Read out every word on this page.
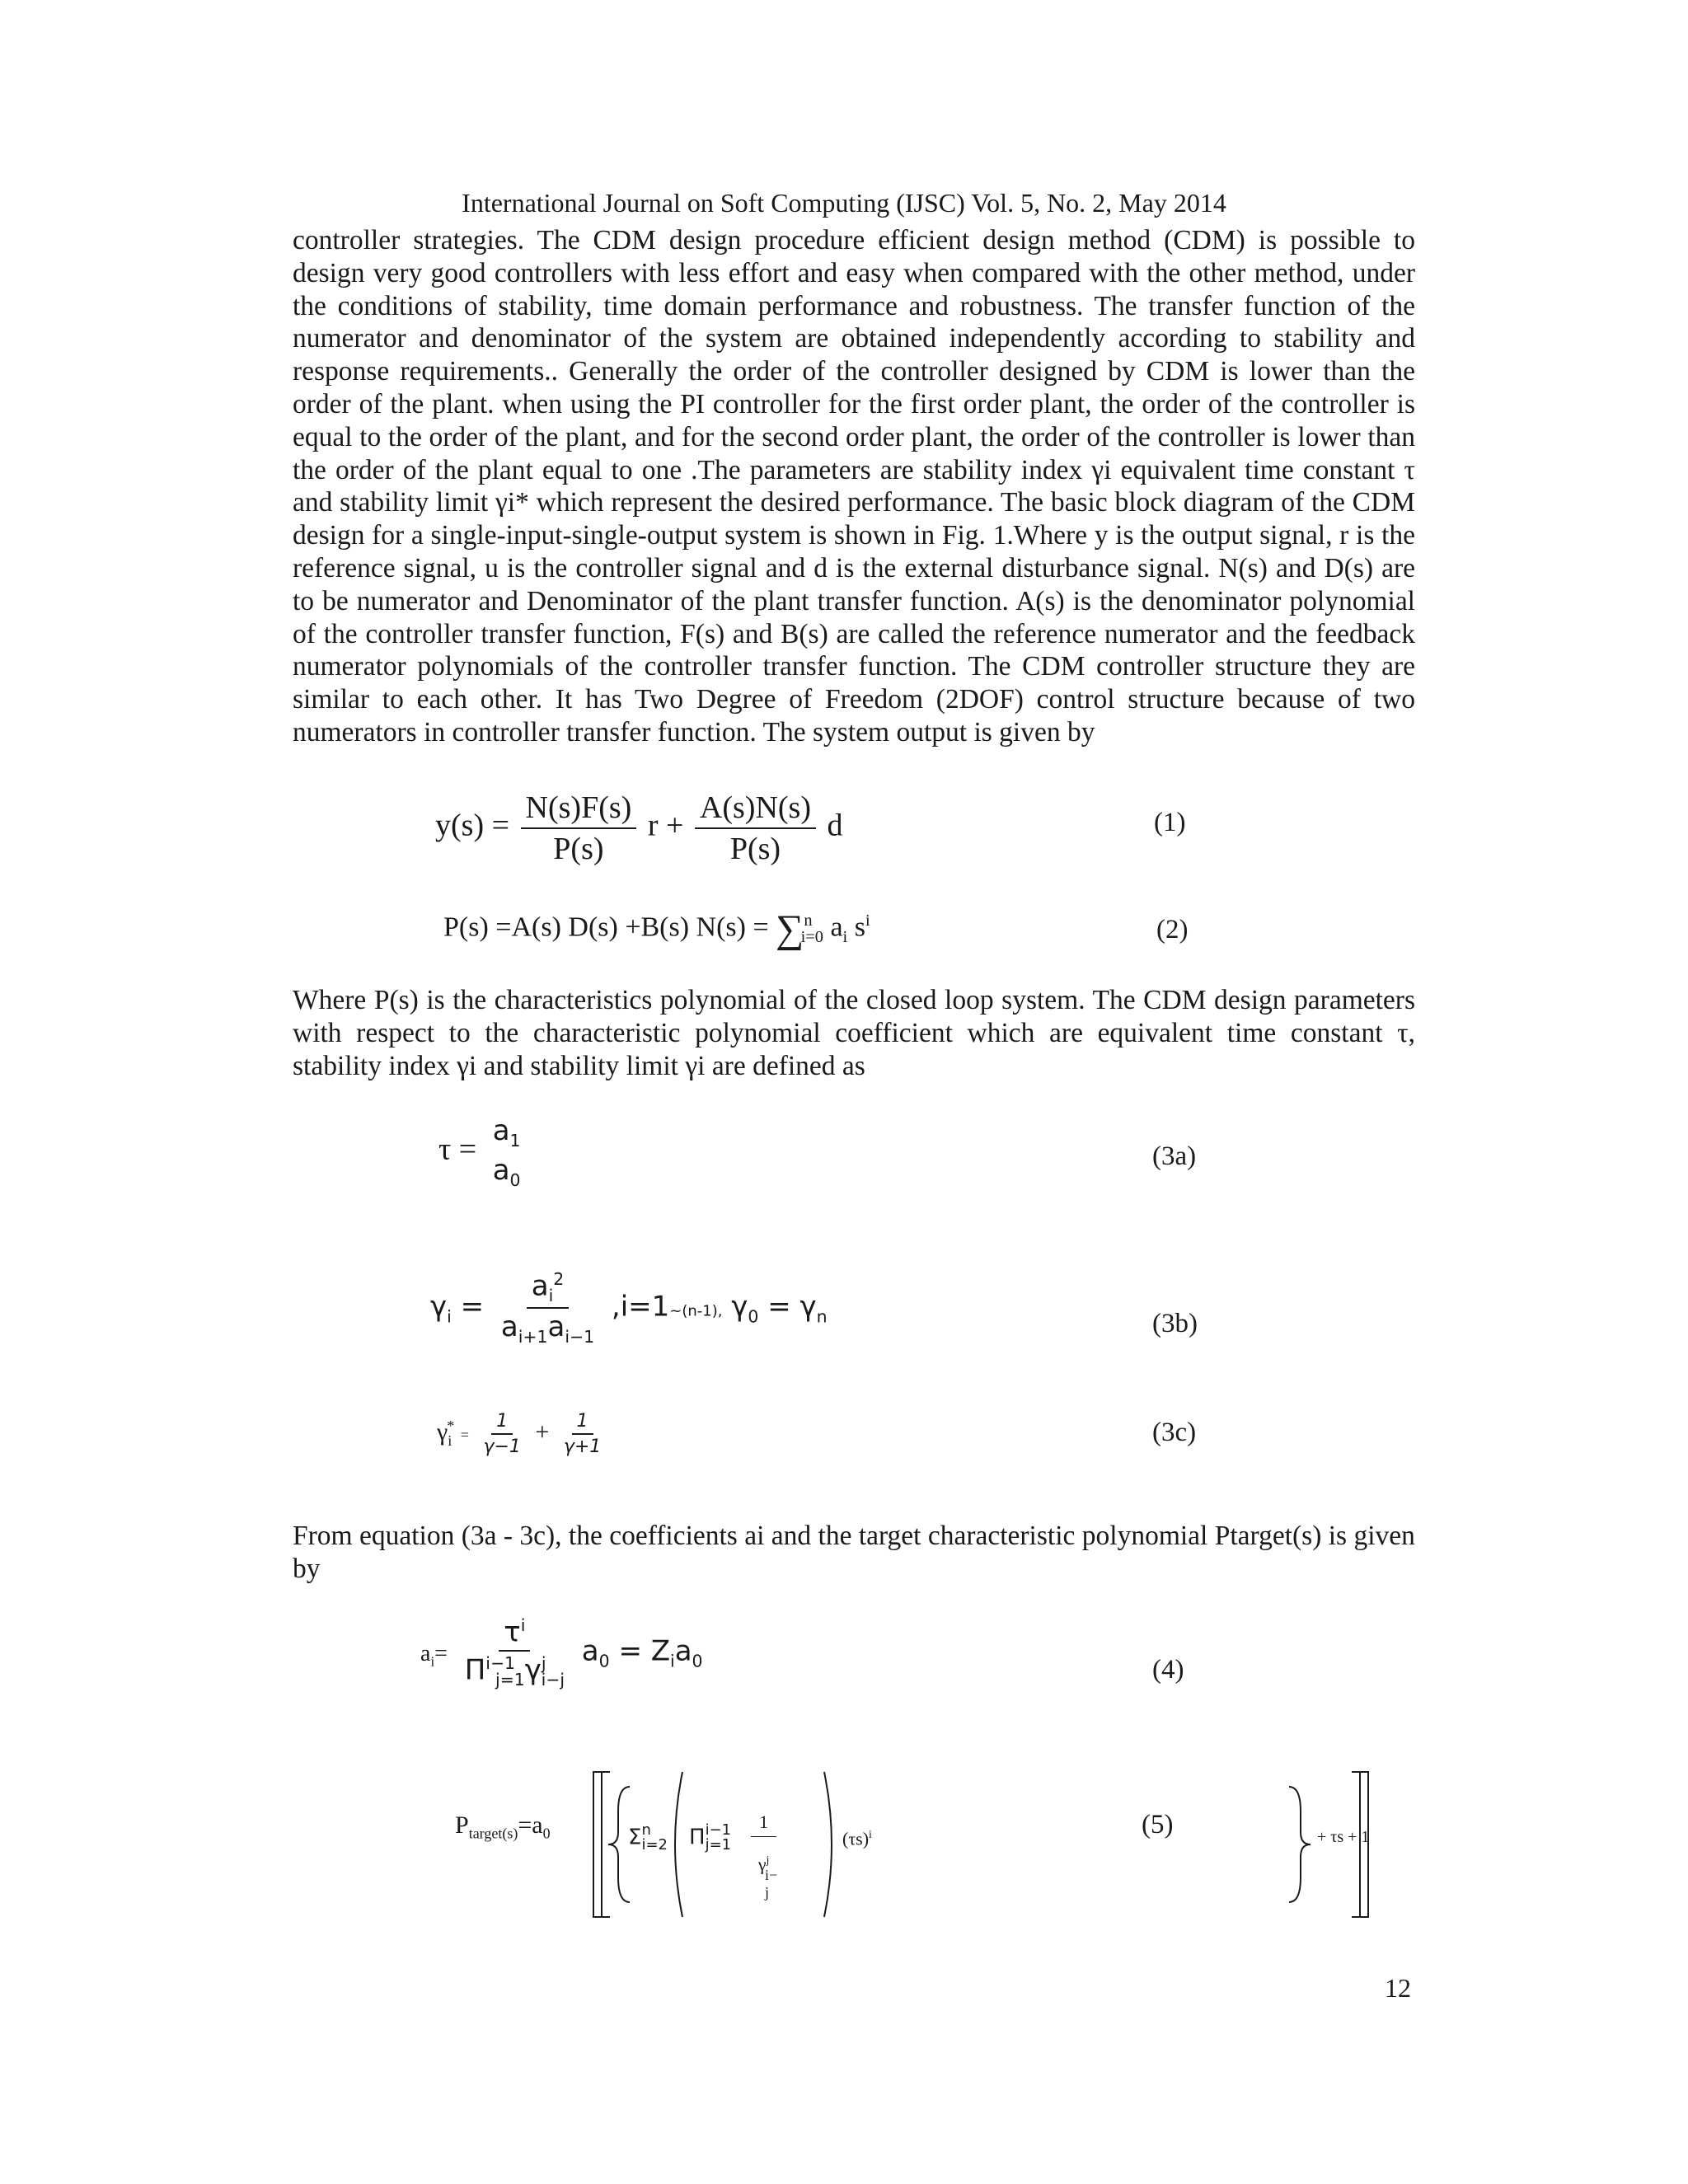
International Journal on Soft Computing (IJSC) Vol. 5, No. 2, May 2014
controller strategies. The CDM design procedure efficient design method (CDM) is possible to design very good controllers with less effort and easy when compared with the other method, under the conditions of stability, time domain performance and robustness. The transfer function of the numerator and denominator of the system are obtained independently according to stability and response requirements.. Generally the order of the controller designed by CDM is lower than the order of the plant. when using the PI controller for the first order plant, the order of the controller is equal to the order of the plant, and for the second order plant, the order of the controller is lower than the order of the plant equal to one .The parameters are stability index γi equivalent time constant τ and stability limit γi* which represent the desired performance. The basic block diagram of the CDM design for a single-input-single-output system is shown in Fig. 1.Where y is the output signal, r is the reference signal, u is the controller signal and d is the external disturbance signal. N(s) and D(s) are to be numerator and Denominator of the plant transfer function. A(s) is the denominator polynomial of the controller transfer function, F(s) and B(s) are called the reference numerator and the feedback numerator polynomials of the controller transfer function. The CDM controller structure they are similar to each other. It has Two Degree of Freedom (2DOF) control structure because of two numerators in controller transfer function. The system output is given by
$y(s) = \frac{N(s)F(s)}{P(s)}$ $r + \frac{A(s)N(s)}{P(s)}$ d	(1)
P(s) =A(s) D(s) +B(s) N(s) = ∑$^n_{i=0}$ $a_i$ $s^i$	(2)
Where P(s) is the characteristics polynomial of the closed loop system. The CDM design parameters with respect to the characteristic polynomial coefficient which are equivalent time constant τ, stability index γi and stability limit γi are defined as
τ =
$a_1$
$a_0$
(3a)
$\gamma_i = \frac{a_i^2}{a_{i+1}a_{i-1}}$ ,i=1~(n-1), $\gamma_0 = \gamma_n$	(3b)
$\gamma_i^* = \frac{1}{\gamma-1} + \frac{1}{\gamma+1}$	(3c)
From equation (3a - 3c), the coefficients ai and the target characteristic polynomial Ptarget(s) is given by
$a_i= \frac{\tau^i}{\Pi^{i-1}_{j=1}\gamma^j_{i-j}} a_0 = Z_ia_0$	(4)
$P_{target(s)}=a_0$	Σ n
i=2 Π i−1
j=1
1
$\gamma^j$
i− j
$(\tau s)^i$	+ τs + 1
(5)
12
